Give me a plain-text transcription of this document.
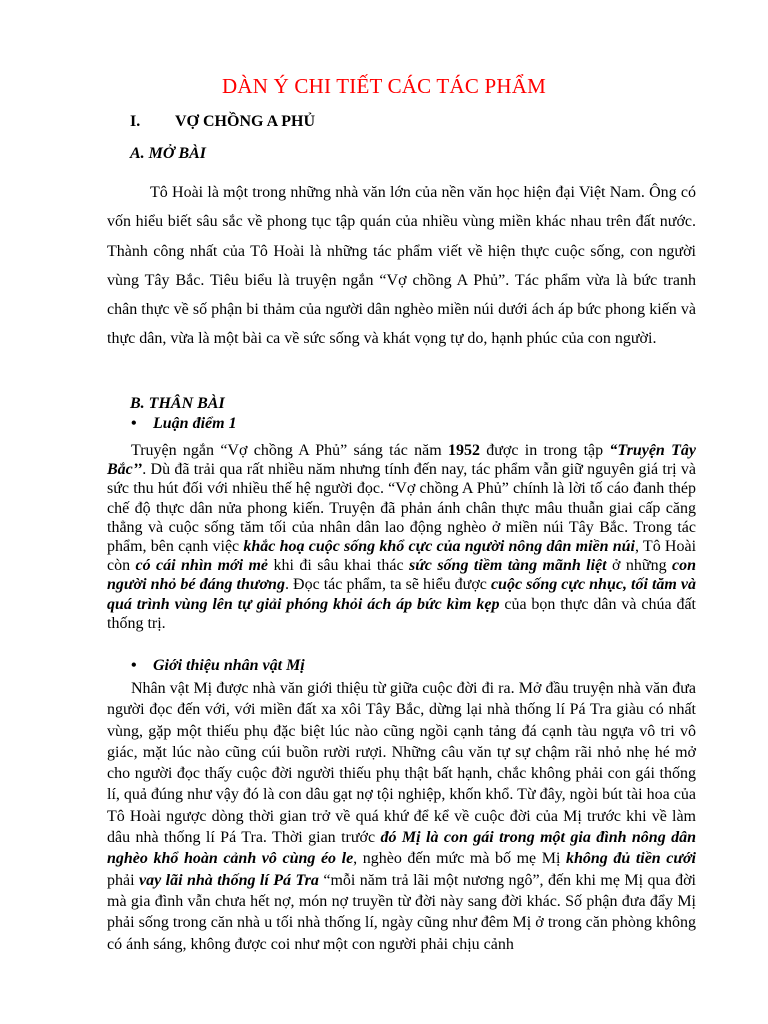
DÀN Ý CHI TIẾT CÁC TÁC PHẨM
I. VỢ CHỒNG A PHỦ
A. MỞ BÀI

Tô Hoài là một trong những nhà văn lớn của nền văn học hiện đại Việt Nam. Ông có vốn hiểu biết sâu sắc về phong tục tập quán của nhiều vùng miền khác nhau trên đất nước. Thành công nhất của Tô Hoài là những tác phẩm viết về hiện thực cuộc sống, con người vùng Tây Bắc. Tiêu biểu là truyện ngắn “Vợ chồng A Phủ”. Tác phẩm vừa là bức tranh chân thực về số phận bi thảm của người dân nghèo miền núi dưới ách áp bức phong kiến và thực dân, vừa là một bài ca về sức sống và khát vọng tự do, hạnh phúc của con người.

B. THÂN BÀI
• Luận điểm 1

Truyện ngắn “Vợ chồng A Phủ” sáng tác năm 1952 được in trong tập “Truyện Tây Bắc’’. Dù đã trải qua rất nhiều năm nhưng tính đến nay, tác phẩm vẫn giữ nguyên giá trị và sức thu hút đối với nhiều thế hệ người đọc. “Vợ chồng A Phủ” chính là lời tố cáo đanh thép chế độ thực dân nửa phong kiến. Truyện đã phản ánh chân thực mâu thuẫn giai cấp căng thẳng và cuộc sống tăm tối của nhân dân lao động nghèo ở miền núi Tây Bắc. Trong tác phẩm, bên cạnh việc khắc hoạ cuộc sống khổ cực của người nông dân miền núi, Tô Hoài còn có cái nhìn mới mẻ khi đi sâu khai thác sức sống tiềm tàng mãnh liệt ở những con người nhỏ bé đáng thương. Đọc tác phẩm, ta sẽ hiểu được cuộc sống cực nhục, tối tăm và quá trình vùng lên tự giải phóng khỏi ách áp bức kìm kẹp của bọn thực dân và chúa đất thống trị.

• Giới thiệu nhân vật Mị

Nhân vật Mị được nhà văn giới thiệu từ giữa cuộc đời đi ra. Mở đầu truyện nhà văn đưa người đọc đến với, với miền đất xa xôi Tây Bắc, dừng lại nhà thống lí Pá Tra giàu có nhất vùng, gặp một thiếu phụ đặc biệt lúc nào cũng ngồi cạnh tảng đá cạnh tàu ngựa vô tri vô giác, mặt lúc nào cũng cúi buồn rười rượi. Những câu văn tự sự chậm rãi nhỏ nhẹ hé mở cho người đọc thấy cuộc đời người thiếu phụ thật bất hạnh, chắc không phải con gái thống lí, quả đúng như vậy đó là con dâu gạt nợ tội nghiệp, khốn khổ. Từ đây, ngòi bút tài hoa của Tô Hoài ngược dòng thời gian trở về quá khứ để kể về cuộc đời của Mị trước khi về làm dâu nhà thống lí Pá Tra. Thời gian trước đó Mị là con gái trong một gia đình nông dân nghèo khổ hoàn cảnh vô cùng éo le, nghèo đến mức mà bố mẹ Mị không đủ tiền cưới phải vay lãi nhà thống lí Pá Tra “mỗi năm trả lãi một nương ngô”, đến khi mẹ Mị qua đời mà gia đình vẫn chưa hết nợ, món nợ truyền từ đời này sang đời khác. Số phận đưa đẩy Mị phải sống trong căn nhà u tối nhà thống lí, ngày cũng như đêm Mị ở trong căn phòng không có ánh sáng, không được coi như một con người phải chịu cảnh
